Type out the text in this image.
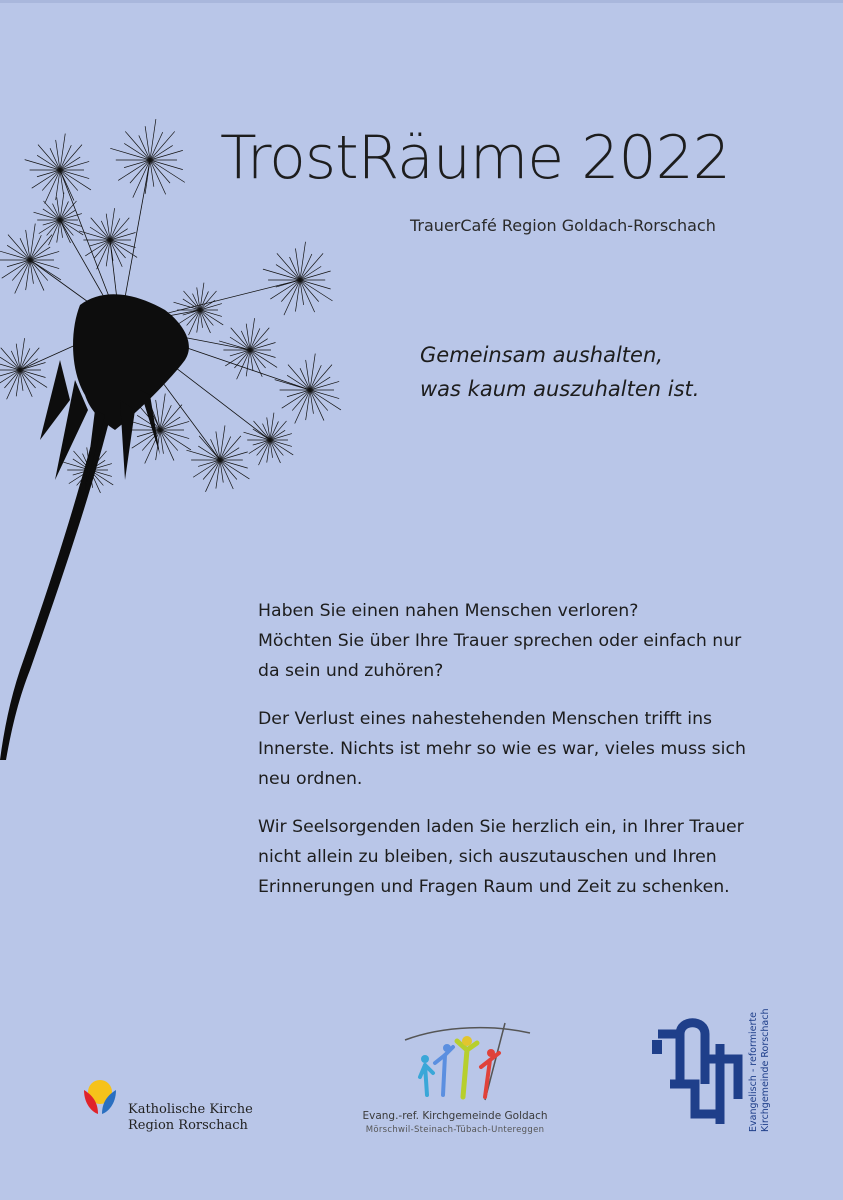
TrostRäume 2022
TrauerCafé Region Goldach-Rorschach
Gemeinsam aushalten,
was kaum auszuhalten ist.

Haben Sie einen nahen Menschen verloren?
Möchten Sie über Ihre Trauer sprechen oder einfach nur
da sein und zuhören?

Der Verlust eines nahestehenden Menschen trifft ins
Innerste. Nichts ist mehr so wie es war, vieles muss sich
neu ordnen.

Wir Seelsorgenden laden Sie herzlich ein, in Ihrer Trauer
nicht allein zu bleiben, sich auszutauschen und Ihren
Erinnerungen und Fragen Raum und Zeit zu schenken.

Katholische Kirche
Region Rorschach
Evang.-ref. Kirchgemeinde Goldach
Mörschwil-Steinach-Tübach-Untereggen	Evangelisch - reformierte Kirchgemeinde Rorschach
